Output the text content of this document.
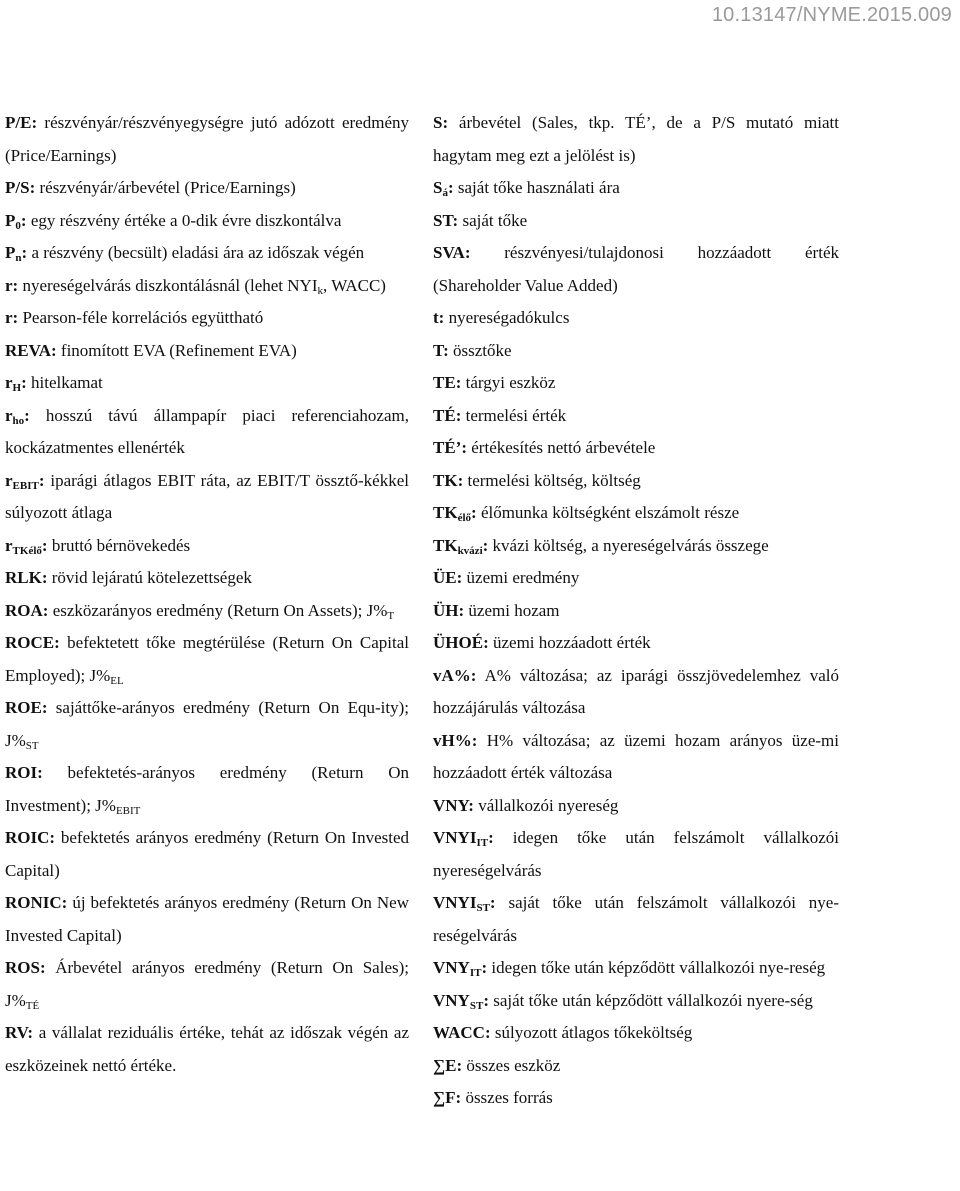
10.13147/NYME.2015.009
P/E: részvényár/részvényegységre jutó adózott eredmény (Price/Earnings)
P/S: részvényár/árbevétel (Price/Earnings)
$P_0$: egy részvény értéke a 0-dik évre diszkontálva
$P_n$: a részvény (becsült) eladási ára az időszak végén
r: nyereségelvárás diszkontálásnál (lehet $NYI_k$, WACC)
r: Pearson-féle korrelációs együttható
REVA: finomított EVA (Refinement EVA)
$r_H$: hitelkamat
$r_{ho}$: hosszú távú állampapír piaci referenciahozam, kockázatmentes ellenérték
$r_{EBIT}$: iparági átlagos EBIT ráta, az EBIT/T össztő-kékkel súlyozott átlaga
$r_{TKélő}$: bruttó bérnövekedés
RLK: rövid lejáratú kötelezettségek
ROA: eszközarányos eredmény (Return On Assets); $J\%_T$
ROCE: befektetett tőke megtérülése (Return On Capital Employed); $J\%_{EL}$
ROE: sajáttőke-arányos eredmény (Return On Equ-ity); $J\%_{ST}$
ROI: befektetés-arányos eredmény (Return On Investment); $J\%_{EBIT}$
ROIC: befektetés arányos eredmény (Return On Invested Capital)
RONIC: új befektetés arányos eredmény (Return On New Invested Capital)
ROS: Árbevétel arányos eredmény (Return On Sales); $J\%_{TÉ}$
RV: a vállalat reziduális értéke, tehát az időszak végén az eszközeinek nettó értéke.
S: árbevétel (Sales, tkp. TÉ’, de a P/S mutató miatt hagytam meg ezt a jelölést is)
$S_á$: saját tőke használati ára
ST: saját tőke
SVA: részvényesi/tulajdonosi hozzáadott érték (Shareholder Value Added)
t: nyereségadókulcs
T: össztőke
TE: tárgyi eszköz
TÉ: termelési érték
TÉ’: értékesítés nettó árbevétele
TK: termelési költség, költség
$TK_{élő}$: élőmunka költségként elszámolt része
$TK_{kvázi}$: kvázi költség, a nyereségelvárás összege
ÜE: üzemi eredmény
ÜH: üzemi hozam
ÜHOÉ: üzemi hozzáadott érték
vA%: A% változása; az iparági összjövedelemhez való hozzájárulás változása
vH%: H% változása; az üzemi hozam arányos üze-mi hozzáadott érték változása
VNY: vállalkozói nyereség
$VNYI_{IT}$: idegen tőke után felszámolt vállalkozói nyereségelvárás
$VNYI_{ST}$: saját tőke után felszámolt vállalkozói nye-reségelvárás
$VNY_{IT}$: idegen tőke után képződött vállalkozói nye-reség
$VNY_{ST}$: saját tőke után képződött vállalkozói nyere-ség
WACC: súlyozott átlagos tőkeköltség
∑E: összes eszköz
∑F: összes forrás
